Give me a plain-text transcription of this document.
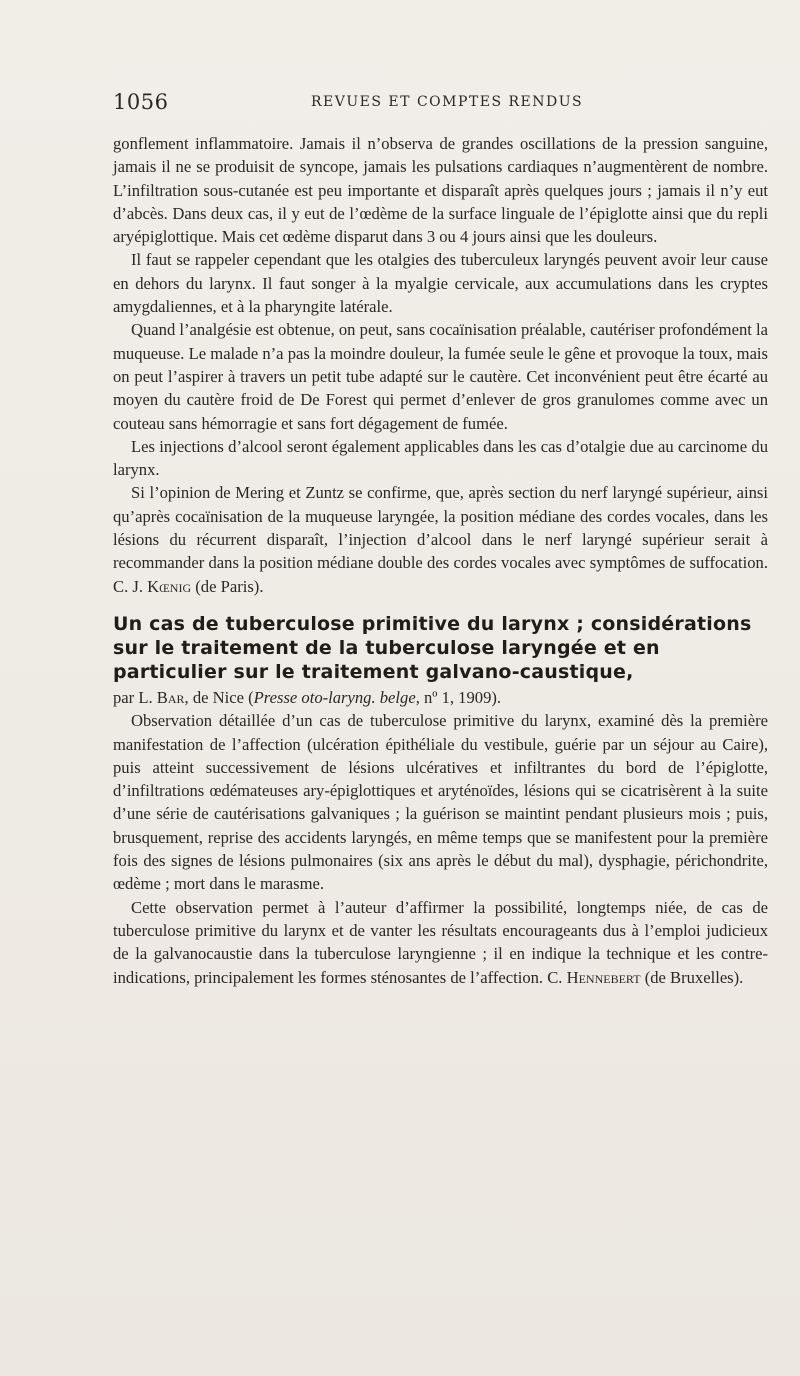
1056	REVUES ET COMPTES RENDUS

gonflement inflammatoire. Jamais il n’observa de grandes oscillations de la pression sanguine, jamais il ne se produisit de syncope, jamais les pulsations cardiaques n’augmentèrent de nombre. L’infiltration sous-cutanée est peu importante et disparaît après quelques jours ; jamais il n’y eut d’abcès. Dans deux cas, il y eut de l’œdème de la surface linguale de l’épiglotte ainsi que du repli aryépiglottique. Mais cet œdème disparut dans 3 ou 4 jours ainsi que les douleurs.

Il faut se rappeler cependant que les otalgies des tuberculeux laryngés peuvent avoir leur cause en dehors du larynx. Il faut songer à la myalgie cervicale, aux accumulations dans les cryptes amygdaliennes, et à la pharyngite latérale.

Quand l’analgésie est obtenue, on peut, sans cocaïnisation préalable, cautériser profondément la muqueuse. Le malade n’a pas la moindre douleur, la fumée seule le gêne et provoque la toux, mais on peut l’aspirer à travers un petit tube adapté sur le cautère. Cet inconvénient peut être écarté au moyen du cautère froid de De Forest qui permet d’enlever de gros granulomes comme avec un couteau sans hémorragie et sans fort dégagement de fumée.

Les injections d’alcool seront également applicables dans les cas d’otalgie due au carcinome du larynx.

Si l’opinion de Mering et Zuntz se confirme, que, après section du nerf laryngé supérieur, ainsi qu’après cocaïnisation de la muqueuse laryngée, la position médiane des cordes vocales, dans les lésions du récurrent disparaît, l’injection d’alcool dans le nerf laryngé supérieur serait à recommander dans la position médiane double des cordes vocales avec symptômes de suffocation. C. J. Kœnig (de Paris).

Un cas de tuberculose primitive du larynx ; considérations sur le traitement de la tuberculose laryngée et en particulier sur le traitement galvano-caustique,

par L. Bar, de Nice (Presse oto-laryng. belge, nº 1, 1909).

Observation détaillée d’un cas de tuberculose primitive du larynx, examiné dès la première manifestation de l’affection (ulcération épithéliale du vestibule, guérie par un séjour au Caire), puis atteint successivement de lésions ulcératives et infiltrantes du bord de l’épiglotte, d’infiltrations œdémateuses ary-épiglottiques et aryténoïdes, lésions qui se cicatrisèrent à la suite d’une série de cautérisations galvaniques ; la guérison se maintint pendant plusieurs mois ; puis, brusquement, reprise des accidents laryngés, en même temps que se manifestent pour la première fois des signes de lésions pulmonaires (six ans après le début du mal), dysphagie, périchondrite, œdème ; mort dans le marasme.

Cette observation permet à l’auteur d’affirmer la possibilité, longtemps niée, de cas de tuberculose primitive du larynx et de vanter les résultats encourageants dus à l’emploi judicieux de la galvanocaustie dans la tuberculose laryngienne ; il en indique la technique et les contre-indications, principalement les formes sténosantes de l’affection. C. Hennebert (de Bruxelles).
